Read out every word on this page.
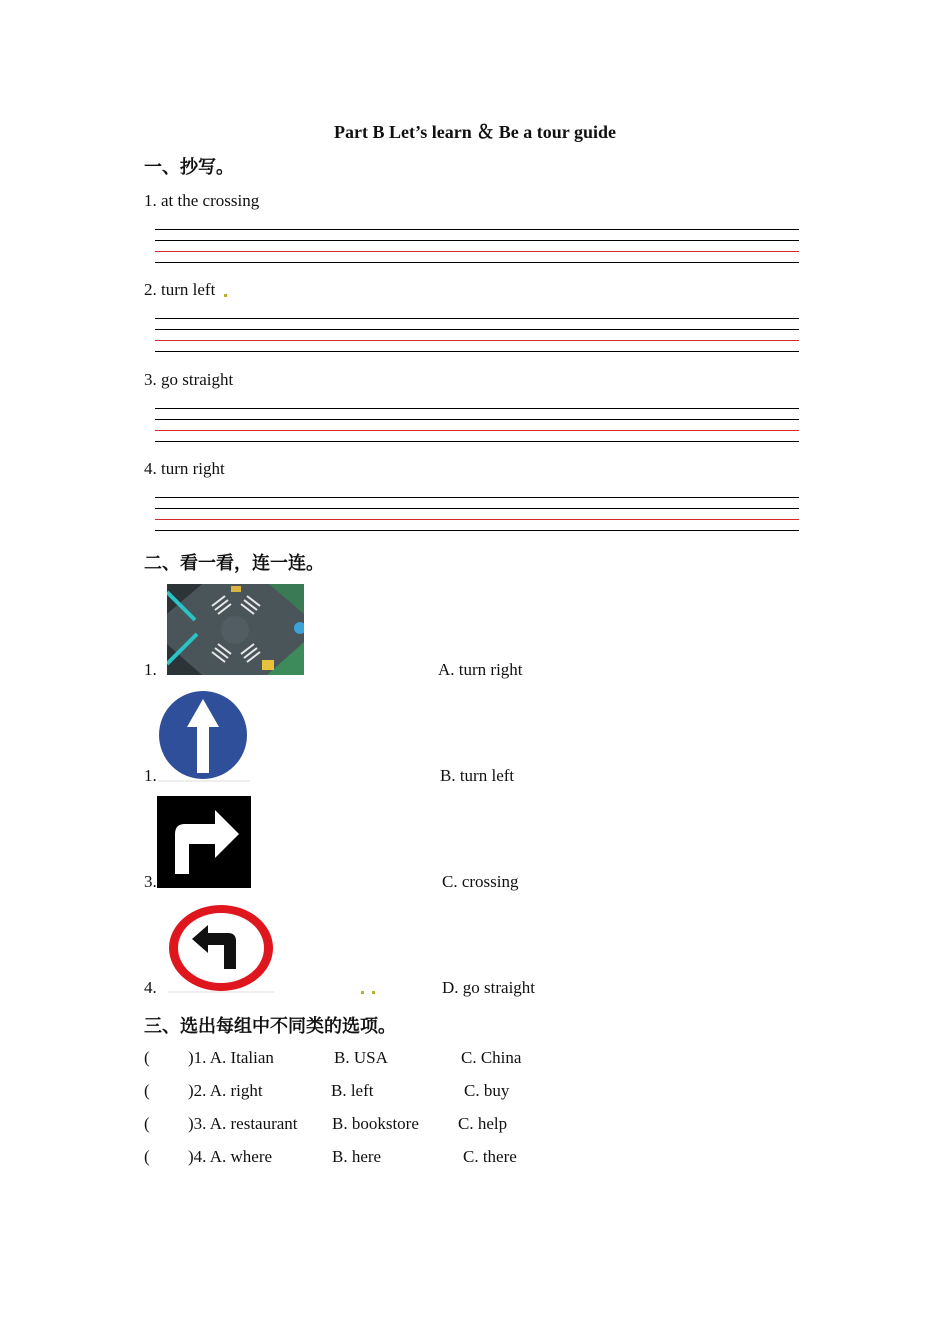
Part B Let’s learn ＆ Be a tour guide
一、抄写。
1. at the crossing
2. turn left
3. go straight
4. turn right
二、看一看，连一连。
1.	A. turn right
1.	B. turn left
3.	C. crossing
4.	D. go straight
三、选出每组中不同类的选项。
( )1. A. Italian	B. USA	C. China
( )2. A. right	B. left	C. buy
( )3. A. restaurant B. bookstore C. help
( )4. A. where	B. here	C. there
